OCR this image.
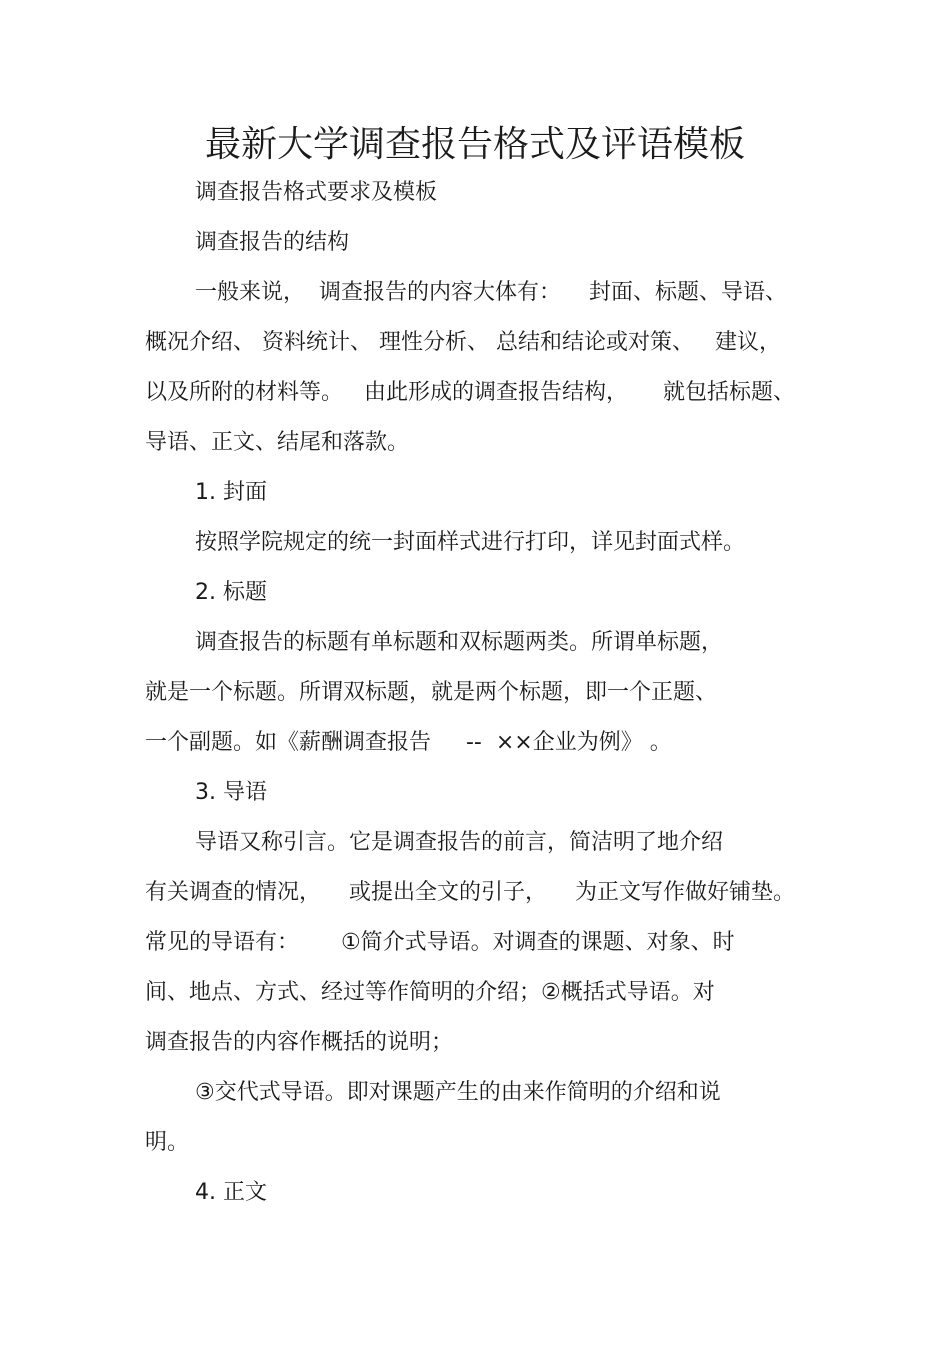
最新大学调查报告格式及评语模板

调查报告格式要求及模板

调查报告的结构

一般来说，  调查报告的内容大体有：    封面、标题、导语、

概况介绍、 资料统计、 理性分析、 总结和结论或对策、   建议，

以及所附的材料等。   由此形成的调查报告结构，     就包括标题、

导语、正文、结尾和落款。

1. 封面

按照学院规定的统一封面样式进行打印，详见封面式样。

2. 标题

调查报告的标题有单标题和双标题两类。所谓单标题，

就是一个标题。所谓双标题，就是两个标题，即一个正题、

一个副题。如《薪酬调查报告     --  ××企业为例》 。

3. 导语

导语又称引言。它是调查报告的前言，简洁明了地介绍

有关调查的情况，    或提出全文的引子，    为正文写作做好铺垫。

常见的导语有：      ①简介式导语。对调查的课题、对象、时

间、地点、方式、经过等作简明的介绍；②概括式导语。对

调查报告的内容作概括的说明；

③交代式导语。即对课题产生的由来作简明的介绍和说

明。

4. 正文
